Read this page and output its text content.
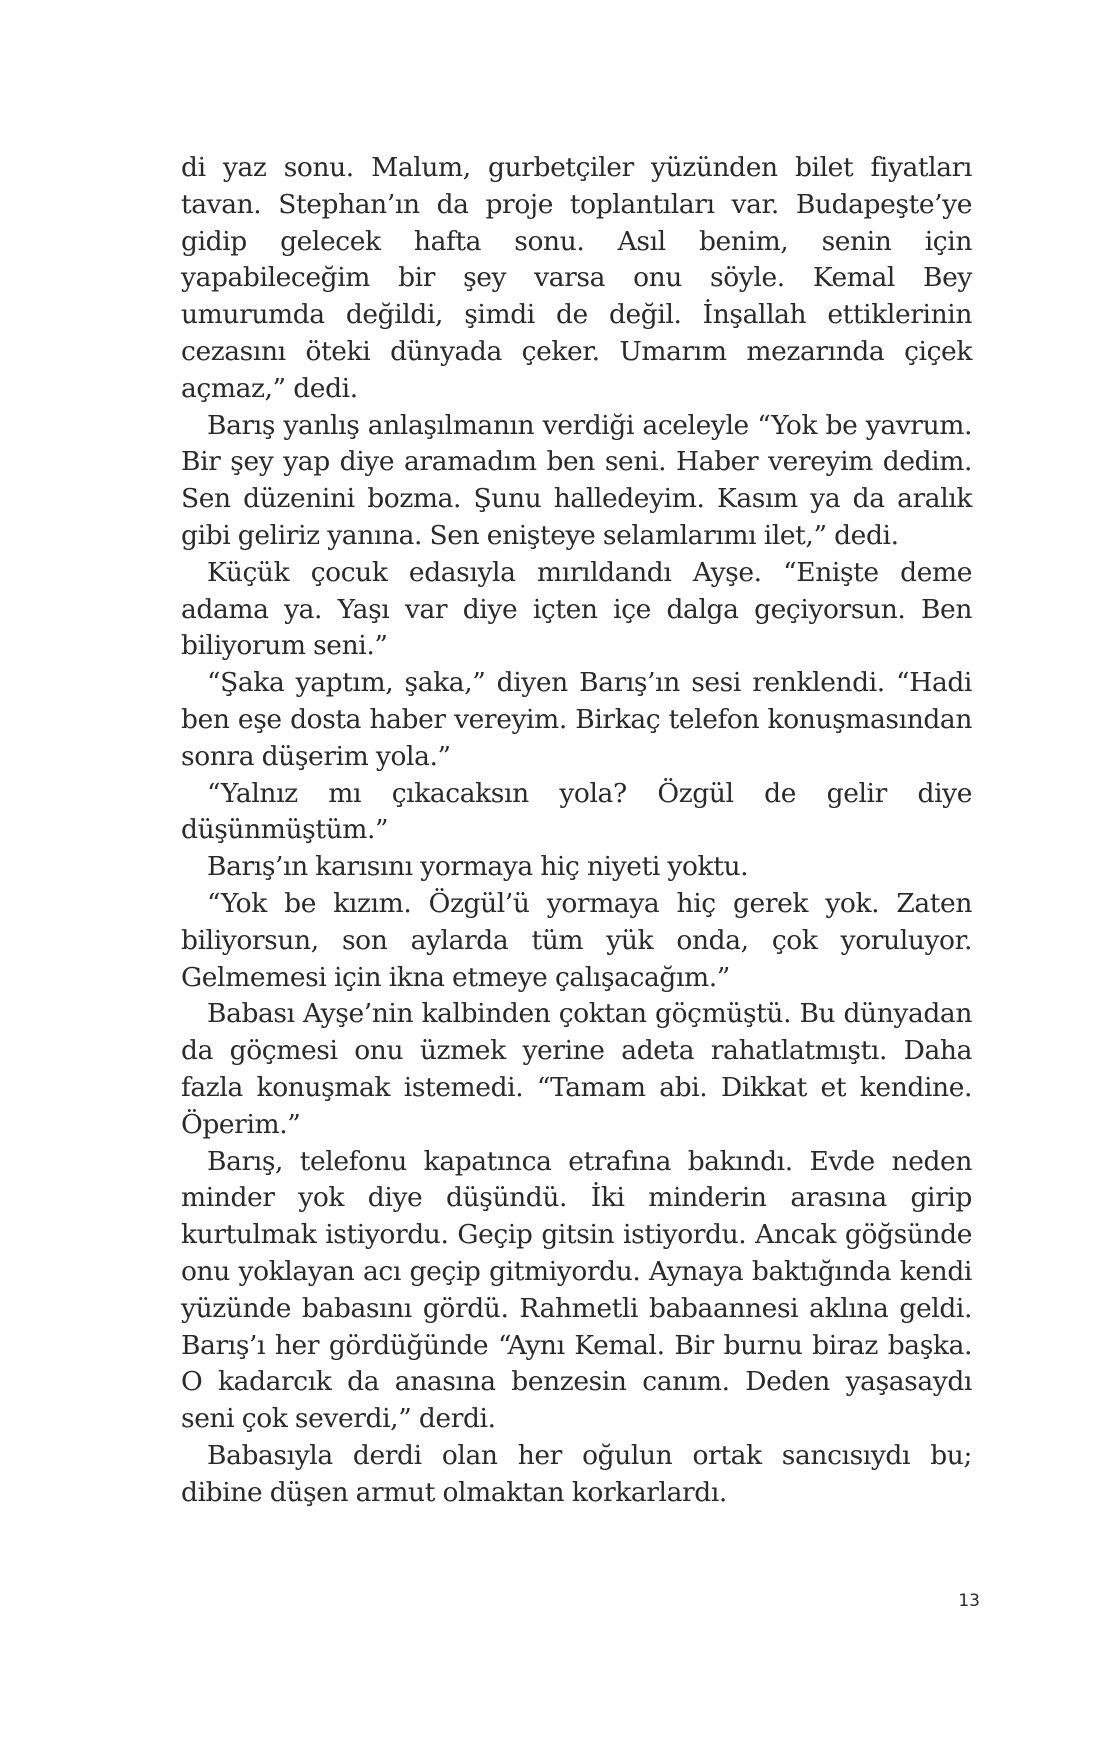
di yaz sonu. Malum, gurbetçiler yüzünden bilet fiyatları tavan. Stephan’ın da proje toplantıları var. Budapeşte’ye gidip gelecek hafta sonu. Asıl benim, senin için yapabileceğim bir şey varsa onu söyle. Kemal Bey umurumda değildi, şimdi de değil. İnşallah ettiklerinin cezasını öteki dünyada çeker. Umarım mezarında çiçek açmaz,” dedi.

Barış yanlış anlaşılmanın verdiği aceleyle “Yok be yavrum. Bir şey yap diye aramadım ben seni. Haber vereyim dedim. Sen düzenini bozma. Şunu halledeyim. Kasım ya da aralık gibi geliriz yanına. Sen enişteye selamlarımı ilet,” dedi.

Küçük çocuk edasıyla mırıldandı Ayşe. “Enişte deme adama ya. Yaşı var diye içten içe dalga geçiyorsun. Ben biliyorum seni.”

“Şaka yaptım, şaka,” diyen Barış’ın sesi renklendi. “Hadi ben eşe dosta haber vereyim. Birkaç telefon konuşmasından sonra düşerim yola.”

“Yalnız mı çıkacaksın yola? Özgül de gelir diye düşünmüştüm.”

Barış’ın karısını yormaya hiç niyeti yoktu.

“Yok be kızım. Özgül’ü yormaya hiç gerek yok. Zaten biliyorsun, son aylarda tüm yük onda, çok yoruluyor. Gelmemesi için ikna etmeye çalışacağım.”

Babası Ayşe’nin kalbinden çoktan göçmüştü. Bu dünyadan da göçmesi onu üzmek yerine adeta rahatlatmıştı. Daha fazla konuşmak istemedi. “Tamam abi. Dikkat et kendine. Öperim.”

Barış, telefonu kapatınca etrafına bakındı. Evde neden minder yok diye düşündü. İki minderin arasına girip kurtulmak istiyordu. Geçip gitsin istiyordu. Ancak göğsünde onu yoklayan acı geçip gitmiyordu. Aynaya baktığında kendi yüzünde babasını gördü. Rahmetli babaannesi aklına geldi. Barış’ı her gördüğünde “Aynı Kemal. Bir burnu biraz başka. O kadarcık da anasına benzesin canım. Deden yaşasaydı seni çok severdi,” derdi.

Babasıyla derdi olan her oğulun ortak sancısıydı bu; dibine düşen armut olmaktan korkarlardı.

13
